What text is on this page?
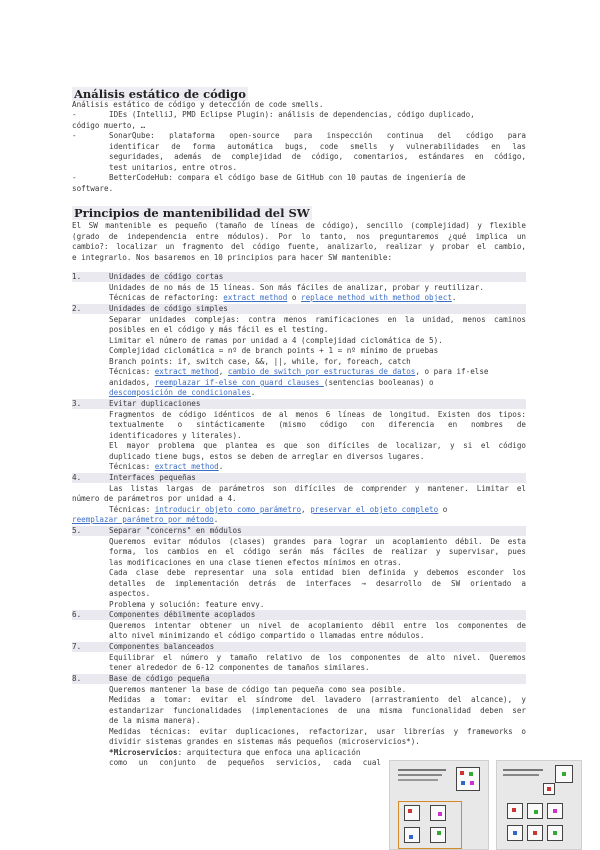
Análisis estático de código
Análisis estático de código y detección de code smells.
-	IDEs (IntelliJ, PMD Eclipse Plugin): análisis de dependencias, código duplicado,
código muerto, …
-	SonarQube: plataforma open-source para inspección continua del código para
identificar de forma automática bugs, code smells y vulnerabilidades en las
seguridades, además de complejidad de código, comentarios, estándares en código,
test unitarios, entre otros.
-	BetterCodeHub: compara el código base de GitHub con 10 pautas de ingeniería de
software.
Principios de mantenibilidad del SW
El SW mantenible es pequeño (tamaño de líneas de código), sencillo (complejidad) y flexible
(grado de independencia entre módulos). Por lo tanto, nos preguntaremos ¿qué implica un
cambio?: localizar un fragmento del código fuente, analizarlo, realizar y probar el cambio,
e integrarlo. Nos basaremos en 10 principios para hacer SW mantenible:
1.	Unidades de código cortas
Unidades de no más de 15 líneas. Son más fáciles de analizar, probar y reutilizar.
Técnicas de refactoring: extract method o replace method with method object.
2.	Unidades de código simples
Separar unidades complejas: contra menos ramificaciones en la unidad, menos caminos
posibles en el código y más fácil es el testing.
Limitar el número de ramas por unidad a 4 (complejidad ciclomática de 5).
Complejidad ciclomática = nº de branch points + 1 = nº mínimo de pruebas
Branch points: if, switch case, &&, ||, while, for, foreach, catch
Técnicas: extract method, cambio de switch por estructuras de datos, o para if-else
anidados, reemplazar if-else con guard clauses (sentencias booleanas) o
descomposición de condicionales.
3.	Evitar duplicaciones
Fragmentos de código idénticos de al menos 6 líneas de longitud. Existen dos tipos:
textualmente o sintácticamente (mismo código con diferencia en nombres de
identificadores y literales).
El mayor problema que plantea es que son difíciles de localizar, y si el código
duplicado tiene bugs, estos se deben de arreglar en diversos lugares.
Técnicas: extract method.
4.	Interfaces pequeñas
Las listas largas de parámetros son difíciles de comprender y mantener. Limitar el
número de parámetros por unidad a 4.
Técnicas: introducir objeto como parámetro, preservar el objeto completo o
reemplazar parámetro por método.
5.	Separar "concerns" en módulos
Queremos evitar módulos (clases) grandes para lograr un acoplamiento débil. De esta
forma, los cambios en el código serán más fáciles de realizar y supervisar, pues
las modificaciones en una clase tienen efectos mínimos en otras.
Cada clase debe representar una sola entidad bien definida y debemos esconder los
detalles de implementación detrás de interfaces → desarrollo de SW orientado a
aspectos.
Problema y solución: feature envy.
6.	Componentes débilmente acoplados
Queremos intentar obtener un nivel de acoplamiento débil entre los componentes de
alto nivel minimizando el código compartido o llamadas entre módulos.
7.	Componentes balanceados
Equilibrar el número y tamaño relativo de los componentes de alto nivel. Queremos
tener alrededor de 6-12 componentes de tamaños similares.
8.	Base de código pequeña
Queremos mantener la base de código tan pequeña como sea posible.
Medidas a tomar: evitar el síndrome del lavadero (arrastramiento del alcance), y
estandarizar funcionalidades (implementaciones de una misma funcionalidad deben ser
de la misma manera).
Medidas técnicas: evitar duplicaciones, refactorizar, usar librerías y frameworks o
dividir sistemas grandes en sistemas más pequeños (microservicios*).
*Microservicios: arquitectura que enfoca una aplicación
como un conjunto de pequeños servicios, cada cual
